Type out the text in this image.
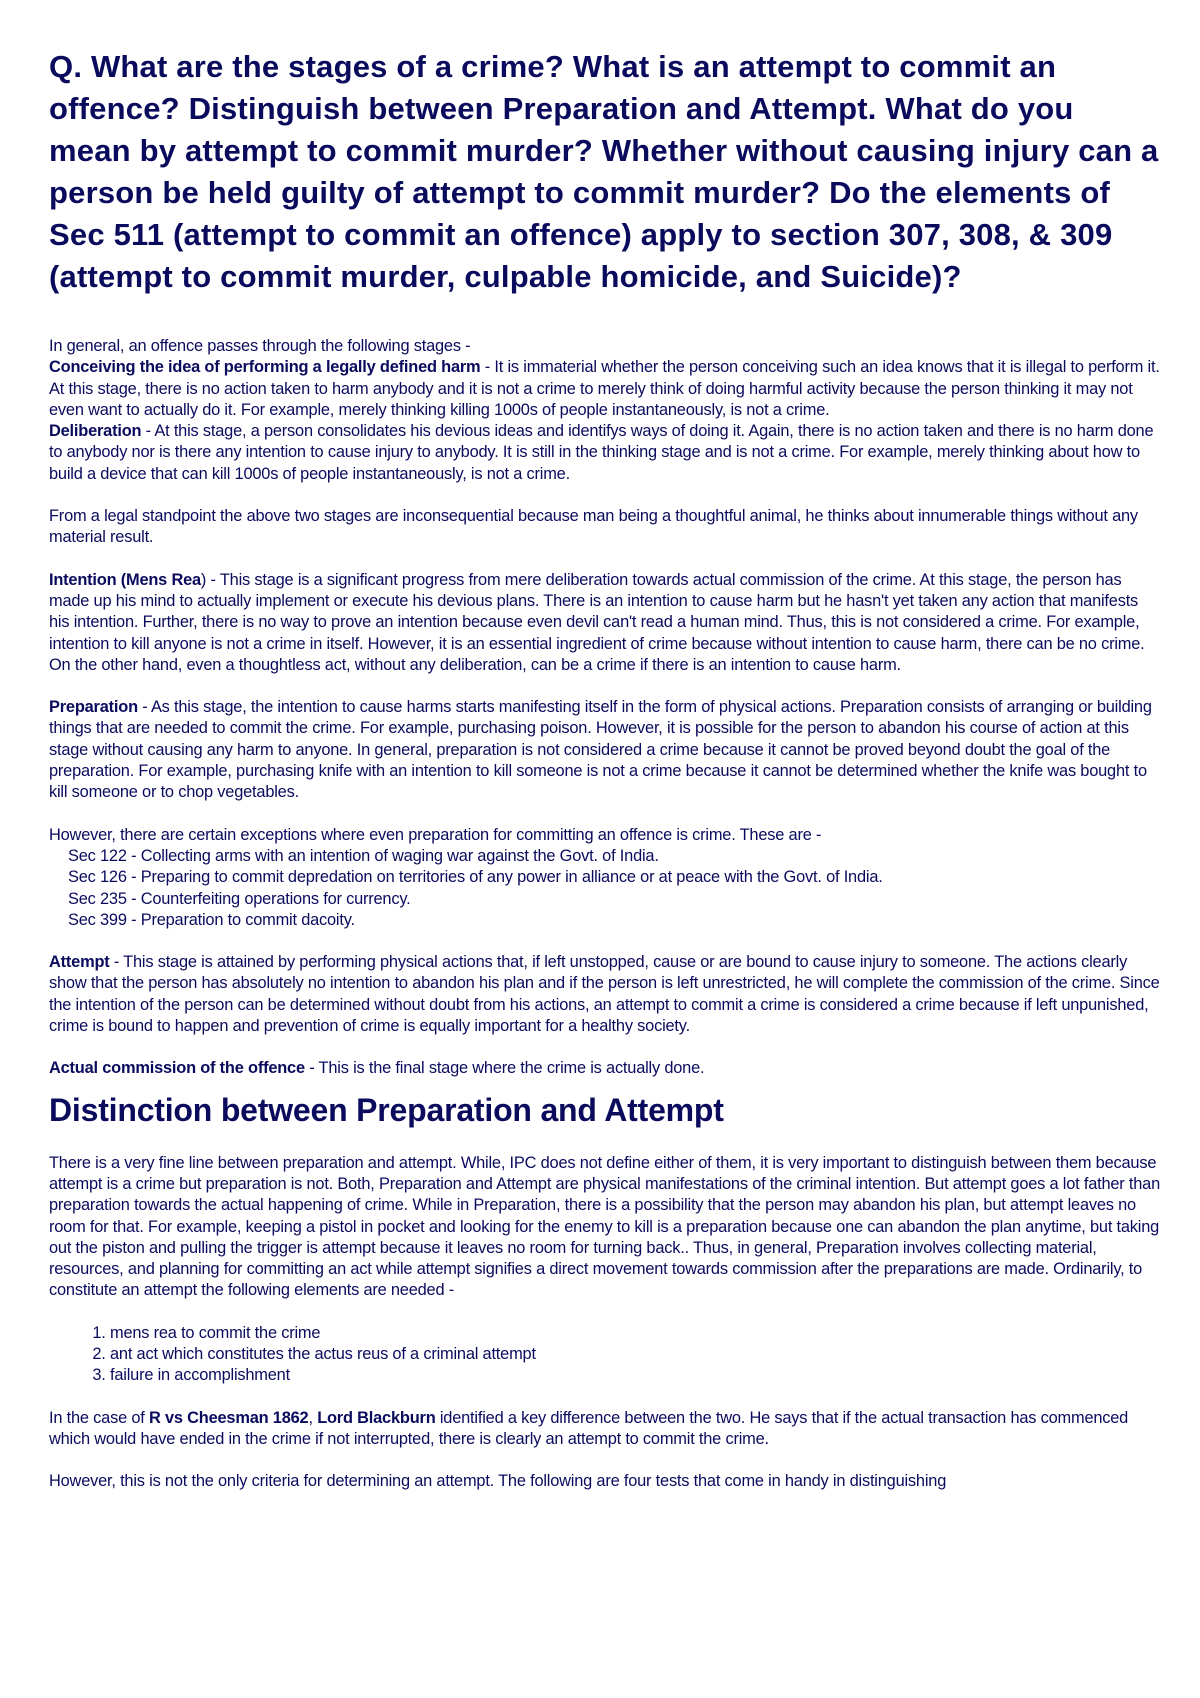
Q. What are the stages of a crime? What is an attempt to commit an offence? Distinguish between Preparation and Attempt. What do you mean by attempt to commit murder? Whether without causing injury can a person be held guilty of attempt to commit murder? Do the elements of Sec 511 (attempt to commit an offence) apply to section 307, 308, & 309 (attempt to commit murder, culpable homicide, and Suicide)?

In general, an offence passes through the following stages -

Conceiving the idea of performing a legally defined harm - It is immaterial whether the person conceiving such an idea knows that it is illegal to perform it. At this stage, there is no action taken to harm anybody and it is not a crime to merely think of doing harmful activity because the person thinking it may not even want to actually do it. For example, merely thinking killing 1000s of people instantaneously, is not a crime.

Deliberation - At this stage, a person consolidates his devious ideas and identifys ways of doing it. Again, there is no action taken and there is no harm done to anybody nor is there any intention to cause injury to anybody. It is still in the thinking stage and is not a crime. For example, merely thinking about how to build a device that can kill 1000s of people instantaneously, is not a crime.

From a legal standpoint the above two stages are inconsequential because man being a thoughtful animal, he thinks about innumerable things without any material result.

Intention (Mens Rea) - This stage is a significant progress from mere deliberation towards actual commission of the crime. At this stage, the person has made up his mind to actually implement or execute his devious plans. There is an intention to cause harm but he hasn't yet taken any action that manifests his intention. Further, there is no way to prove an intention because even devil can't read a human mind. Thus, this is not considered a crime. For example, intention to kill anyone is not a crime in itself. However, it is an essential ingredient of crime because without intention to cause harm, there can be no crime. On the other hand, even a thoughtless act, without any deliberation, can be a crime if there is an intention to cause harm.

Preparation - As this stage, the intention to cause harms starts manifesting itself in the form of physical actions. Preparation consists of arranging or building things that are needed to commit the crime. For example, purchasing poison. However, it is possible for the person to abandon his course of action at this stage without causing any harm to anyone. In general, preparation is not considered a crime because it cannot be proved beyond doubt the goal of the preparation. For example, purchasing knife with an intention to kill someone is not a crime because it cannot be determined whether the knife was bought to kill someone or to chop vegetables.

However, there are certain exceptions where even preparation for committing an offence is crime. These are -

Sec 122 - Collecting arms with an intention of waging war against the Govt. of India.
Sec 126 - Preparing to commit depredation on territories of any power in alliance or at peace with the Govt. of India.
Sec 235 - Counterfeiting operations for currency.
Sec 399 - Preparation to commit dacoity.

Attempt - This stage is attained by performing physical actions that, if left unstopped, cause or are bound to cause injury to someone. The actions clearly show that the person has absolutely no intention to abandon his plan and if the person is left unrestricted, he will complete the commission of the crime. Since the intention of the person can be determined without doubt from his actions, an attempt to commit a crime is considered a crime because if left unpunished, crime is bound to happen and prevention of crime is equally important for a healthy society.

Actual commission of the offence - This is the final stage where the crime is actually done.

Distinction between Preparation and Attempt

There is a very fine line between preparation and attempt. While, IPC does not define either of them, it is very important to distinguish between them because attempt is a crime but preparation is not. Both, Preparation and Attempt are physical manifestations of the criminal intention. But attempt goes a lot father than preparation towards the actual happening of crime. While in Preparation, there is a possibility that the person may abandon his plan, but attempt leaves no room for that. For example, keeping a pistol in pocket and looking for the enemy to kill is a preparation because one can abandon the plan anytime, but taking out the piston and pulling the trigger is attempt because it leaves no room for turning back.. Thus, in general, Preparation involves collecting material, resources, and planning for committing an act while attempt signifies a direct movement towards commission after the preparations are made. Ordinarily, to constitute an attempt the following elements are needed -

1. mens rea to commit the crime
2. ant act which constitutes the actus reus of a criminal attempt
3. failure in accomplishment

In the case of R vs Cheesman 1862, Lord Blackburn identified a key difference between the two. He says that if the actual transaction has commenced which would have ended in the crime if not interrupted, there is clearly an attempt to commit the crime.

However, this is not the only criteria for determining an attempt. The following are four tests that come in handy in distinguishing
